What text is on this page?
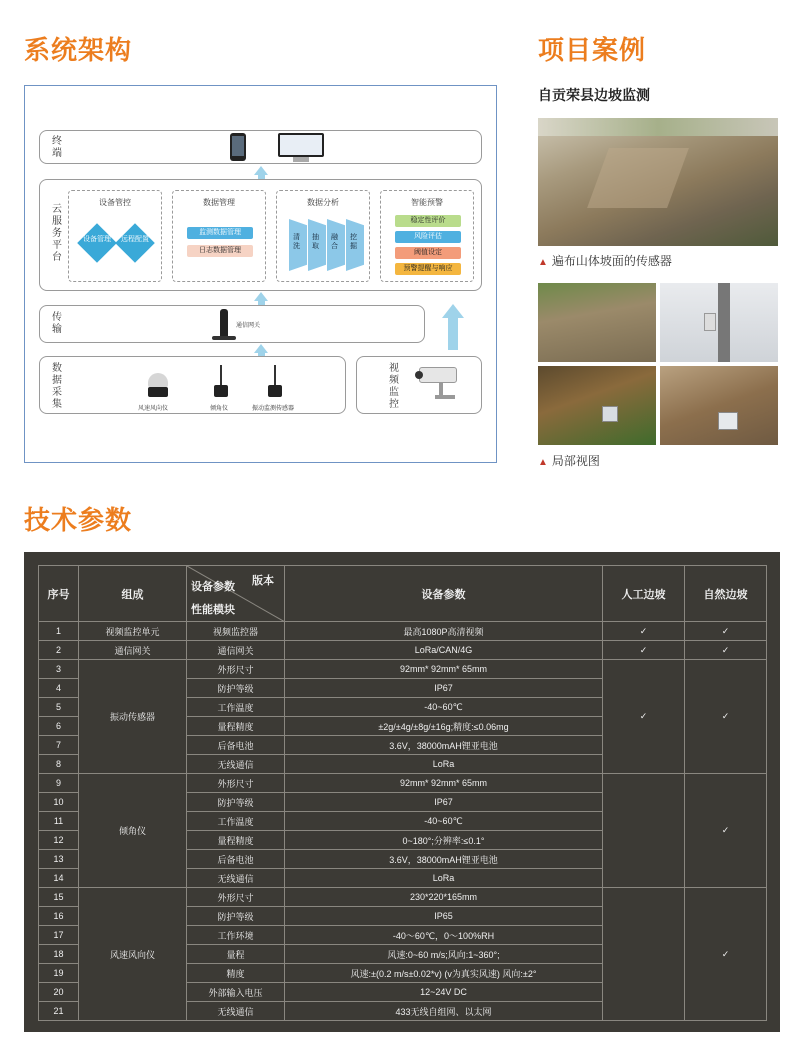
系统架构	项目案例
技术参数
终端
云服务平台
设备管控
设备管理	远程配置
数据管理
监测数据管理
日志数据管理
数据分析
清洗
抽取
融合
挖掘
智能预警
稳定性评价
风险评估
阈值设定
预警提醒与响应
传输	通信网关
数据采集	风速风向仪	倾角仪	振动监测传感器
视频监控
自贡荣县边坡监测
▲ 遍布山体坡面的传感器
▲ 局部视图
序号	组成	设备参数 版本
性能模块	设备参数	人工边坡	自然边坡
1	视频监控单元	视频监控器	最高1080P高清视频	✓	✓
2	通信网关	通信网关	LoRa/CAN/4G	✓	✓
3	振动传感器	外形尺寸	92mm* 92mm* 65mm	✓	✓
4		防护等级	IP67		
5		工作温度	-40~60℃		
6		量程精度	±2g/±4g/±8g/±16g;精度:≤0.06mg		
7		后备电池	3.6V，38000mAH锂亚电池		
8		无线通信	LoRa		
9	倾角仪	外形尺寸	92mm* 92mm* 65mm		✓
10		防护等级	IP67		
11		工作温度	-40~60℃		
12		量程精度	0~180°;分辨率:≤0.1°		
13		后备电池	3.6V，38000mAH锂亚电池		
14		无线通信	LoRa		
15	风速风向仪	外形尺寸	230*220*165mm		✓
16		防护等级	IP65		
17		工作环境	-40～60℃，0～100%RH		
18		量程	风速:0~60 m/s;风向:1~360°;		
19		精度	风速:±(0.2 m/s±0.02*v) (v为真实风速) 风向:±2°		
20		外部输入电压	12~24V DC		
21		无线通信	433无线自组网、以太网		
